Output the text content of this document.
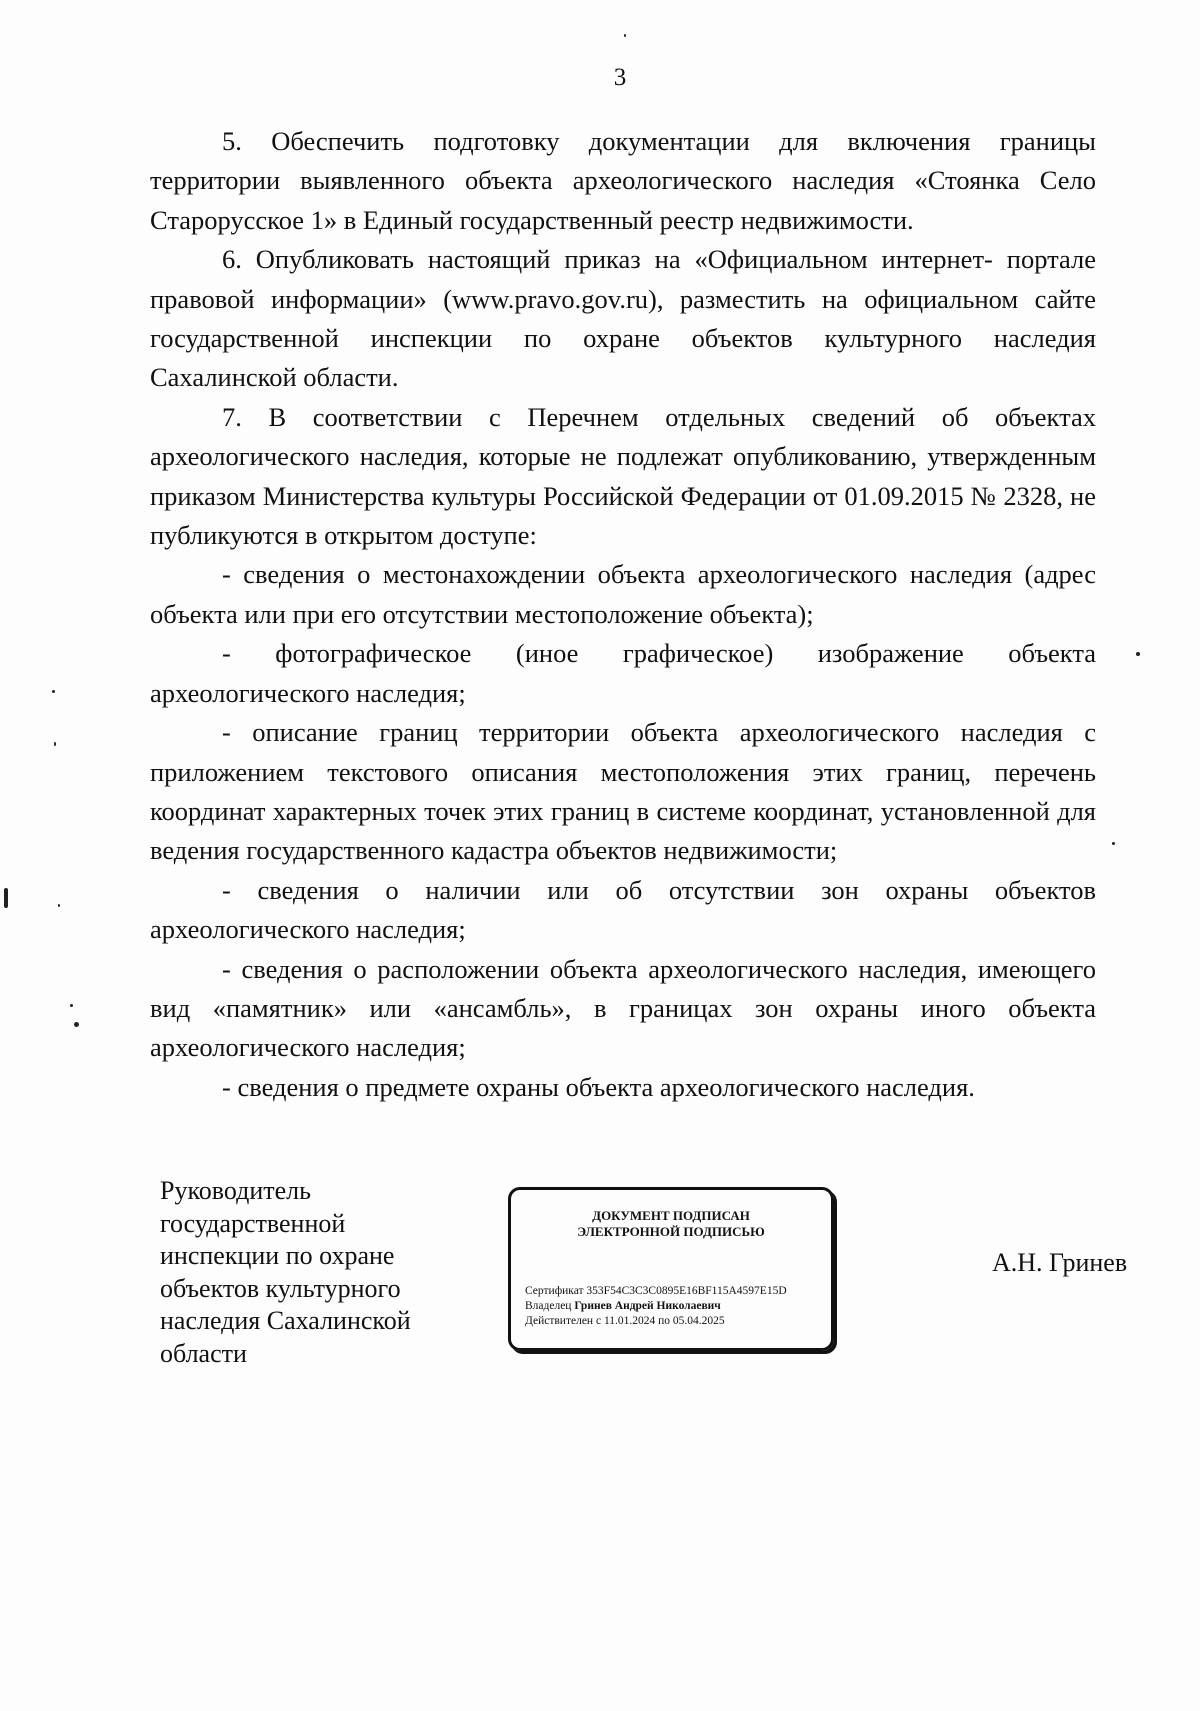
3

5. Обеспечить подготовку документации для включения границы территории выявленного объекта археологического наследия «Стоянка Село Старорусское 1» в Единый государственный реестр недвижимости.

6. Опубликовать настоящий приказ на «Официальном интернет- портале правовой информации» (www.pravo.gov.ru), разместить на официальном сайте государственной инспекции по охране объектов культурного наследия Сахалинской области.

7. В соответствии с Перечнем отдельных сведений об объектах археологического наследия, которые не подлежат опубликованию, утвержденным приказом Министерства культуры Российской Федерации от 01.09.2015 № 2328, не публикуются в открытом доступе:

- сведения о местонахождении объекта археологического наследия (адрес объекта или при его отсутствии местоположение объекта);

- фотографическое (иное графическое) изображение объекта археологического наследия;

- описание границ территории объекта археологического наследия с приложением текстового описания местоположения этих границ, перечень координат характерных точек этих границ в системе координат, установленной для ведения государственного кадастра объектов недвижимости;

- сведения о наличии или об отсутствии зон охраны объектов археологического наследия;

- сведения о расположении объекта археологического наследия, имеющего вид «памятник» или «ансамбль», в границах зон охраны иного объекта археологического наследия;

- сведения о предмете охраны объекта археологического наследия.

Руководитель
государственной
инспекции по охране
объектов культурного
наследия Сахалинской
области
ДОКУМЕНТ ПОДПИСАН
ЭЛЕКТРОННОЙ ПОДПИСЬЮ
Сертификат 353F54C3C3C0895E16BF115A4597E15D
Владелец Гринев Андрей Николаевич
Действителен с 11.01.2024 по 05.04.2025
А.Н. Гринев
